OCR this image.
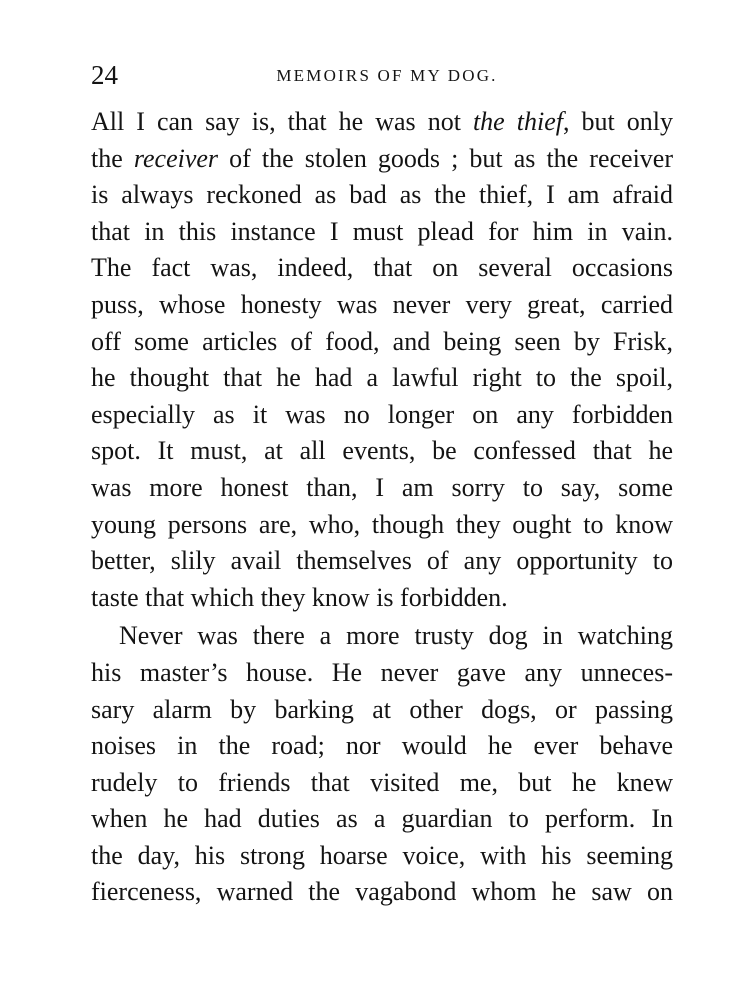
24	MEMOIRS OF MY DOG.
All I can say is, that he was not the thief, but only
the receiver of the stolen goods ; but as the receiver
is always reckoned as bad as the thief, I am afraid
that in this instance I must plead for him in vain.
The fact was, indeed, that on several occasions
puss, whose honesty was never very great, carried
off some articles of food, and being seen by Frisk,
he thought that he had a lawful right to the spoil,
especially as it was no longer on any forbidden
spot. It must, at all events, be confessed that he
was more honest than, I am sorry to say, some
young persons are, who, though they ought to know
better, slily avail themselves of any opportunity to
taste that which they know is forbidden.
Never was there a more trusty dog in watching
his master’s house. He never gave any unneces-
sary alarm by barking at other dogs, or passing
noises in the road; nor would he ever behave
rudely to friends that visited me, but he knew
when he had duties as a guardian to perform. In
the day, his strong hoarse voice, with his seeming
fierceness, warned the vagabond whom he saw on
